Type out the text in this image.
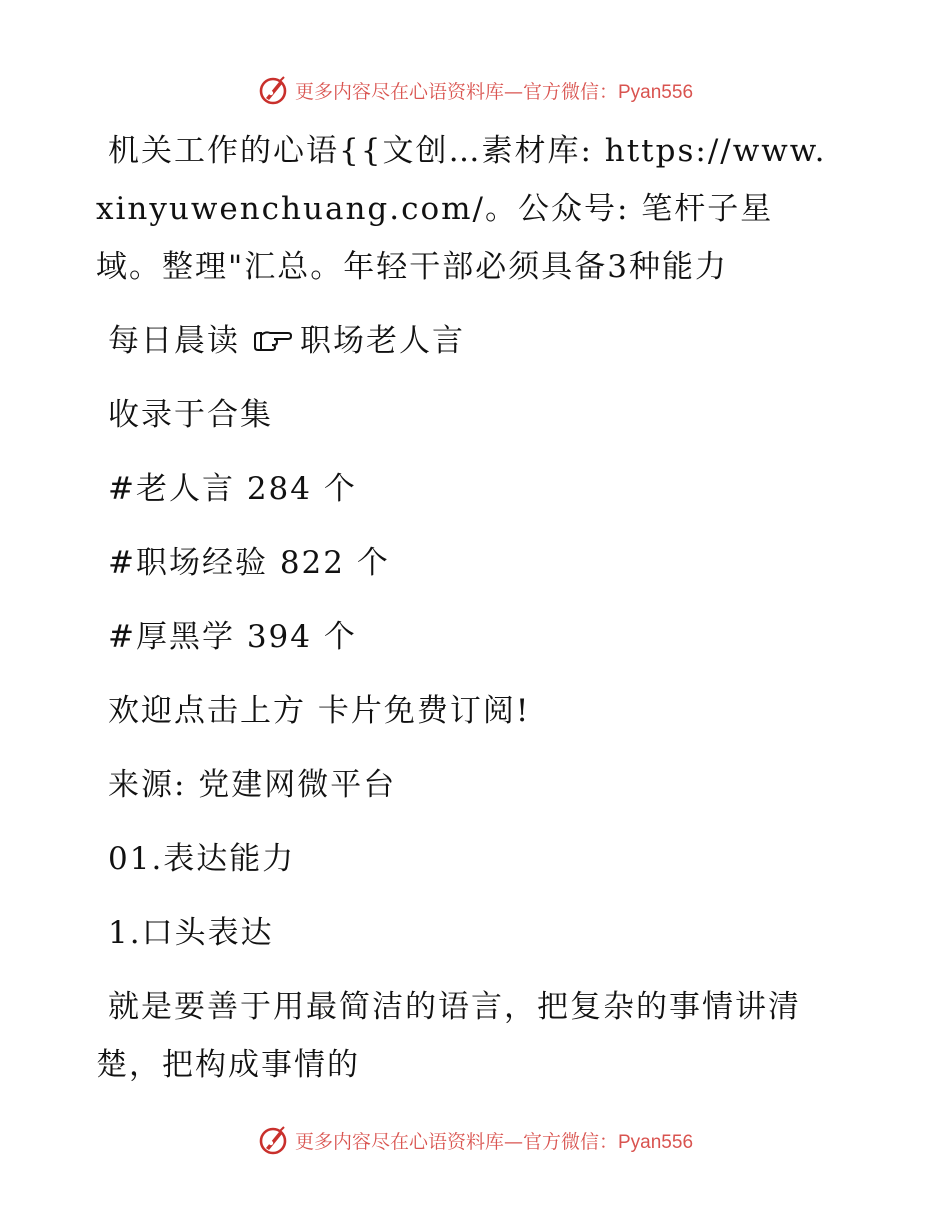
更多内容尽在心语资料库—官方微信：Pyan556

机关工作的心语{{文创…素材库: https://www.xinyuwenchuang.com/。公众号: 笔杆子星域。整理"汇总。年轻干部必须具备3种能力

每日晨读 职场老人言

收录于合集

#老人言 284 个

#职场经验 822 个

#厚黑学 394 个

欢迎点击上方 卡片免费订阅!

来源: 党建网微平台

01.表达能力

1.口头表达

就是要善于用最简洁的语言，把复杂的事情讲清楚，把构成事情的

更多内容尽在心语资料库—官方微信：Pyan556
